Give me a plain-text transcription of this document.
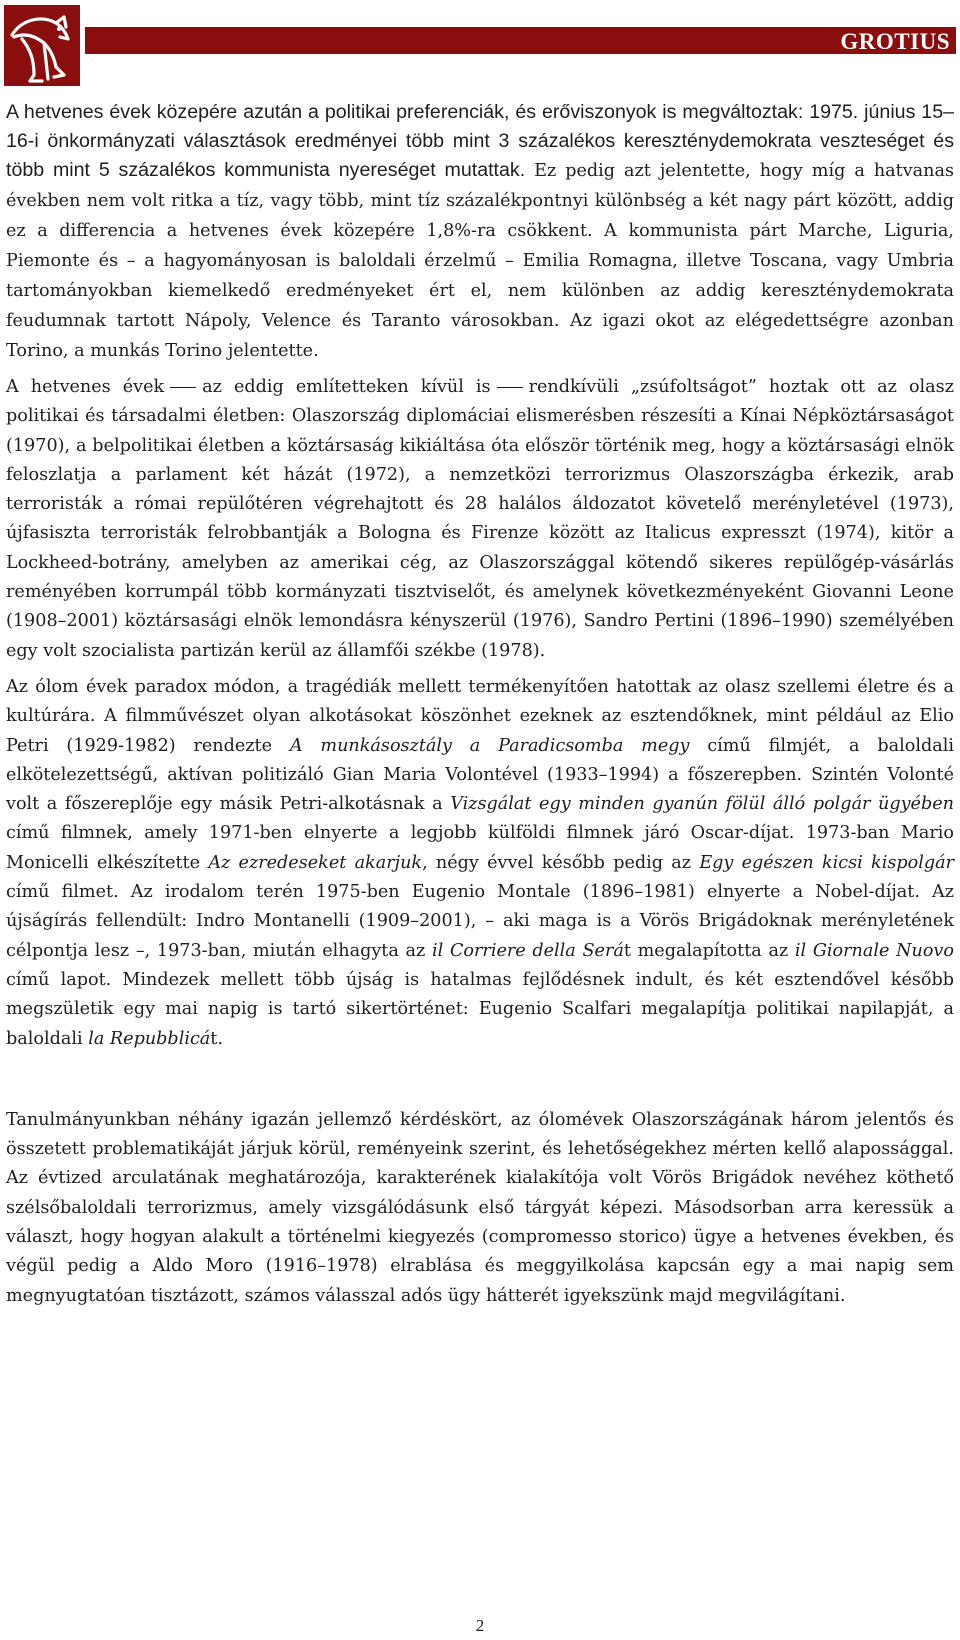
GROTIUS

A hetvenes évek közepére azután a politikai preferenciák, és erőviszonyok is megváltoztak: 1975. június 15–16-i önkormányzati választások eredményei több mint 3 százalékos kereszténydemokrata veszteséget és több mint 5 százalékos kommunista nyereséget mutattak. Ez pedig azt jelentette, hogy míg a hatvanas években nem volt ritka a tíz, vagy több, mint tíz százalékpontnyi különbség a két nagy párt között, addig ez a differencia a hetvenes évek közepére 1,8%-ra csökkent. A kommunista párt Marche, Liguria, Piemonte és – a hagyományosan is baloldali érzelmű – Emilia Romagna, illetve Toscana, vagy Umbria tartományokban kiemelkedő eredményeket ért el, nem különben az addig kereszténydemokrata feudumnak tartott Nápoly, Velence és Taranto városokban. Az igazi okot az elégedettségre azonban Torino, a munkás Torino jelentette.

A hetvenes évek az eddig említetteken kívül is rendkívüli „zsúfoltságot” hoztak ott az olasz politikai és társadalmi életben: Olaszország diplomáciai elismerésben részesíti a Kínai Népköztársaságot (1970), a belpolitikai életben a köztársaság kikiáltása óta először történik meg, hogy a köztársasági elnök feloszlatja a parlament két házát (1972), a nemzetközi terrorizmus Olaszországba érkezik, arab terroristák a római repülőtéren végrehajtott és 28 halálos áldozatot követelő merényletével (1973), újfasiszta terroristák felrobbantják a Bologna és Firenze között az Italicus expresszt (1974), kitör a Lockheed-botrány, amelyben az amerikai cég, az Olaszországgal kötendő sikeres repülőgép-vásárlás reményében korrumpál több kormányzati tisztviselőt, és amelynek következményeként Giovanni Leone (1908–2001) köztársasági elnök lemondásra kényszerül (1976), Sandro Pertini (1896–1990) személyében egy volt szocialista partizán kerül az államfői székbe (1978).

Az ólom évek paradox módon, a tragédiák mellett termékenyítően hatottak az olasz szellemi életre és a kultúrára. A filmművészet olyan alkotásokat köszönhet ezeknek az esztendőknek, mint például az Elio Petri (1929-1982) rendezte A munkásosztály a Paradicsomba megy című filmjét, a baloldali elkötelezettségű, aktívan politizáló Gian Maria Volontével (1933–1994) a főszerepben. Szintén Volonté volt a főszereplője egy másik Petri-alkotásnak a Vizsgálat egy minden gyanún fölül álló polgár ügyében című filmnek, amely 1971-ben elnyerte a legjobb külföldi filmnek járó Oscar-díjat. 1973-ban Mario Monicelli elkészítette Az ezredeseket akarjuk, négy évvel később pedig az Egy egészen kicsi kispolgár című filmet. Az irodalom terén 1975-ben Eugenio Montale (1896–1981) elnyerte a Nobel-díjat. Az újságírás fellendült: Indro Montanelli (1909–2001), – aki maga is a Vörös Brigádoknak merényletének célpontja lesz –, 1973-ban, miután elhagyta az il Corriere della Serát megalapította az il Giornale Nuovo című lapot. Mindezek mellett több újság is hatalmas fejlődésnek indult, és két esztendővel később megszületik egy mai napig is tartó sikertörténet: Eugenio Scalfari megalapítja politikai napilapját, a baloldali la Repubblicát.

Tanulmányunkban néhány igazán jellemző kérdéskört, az ólomévek Olaszországának három jelentős és összetett problematikáját járjuk körül, reményeink szerint, és lehetőségekhez mérten kellő alapossággal. Az évtized arculatának meghatározója, karakterének kialakítója volt Vörös Brigádok nevéhez köthető szélsőbaloldali terrorizmus, amely vizsgálódásunk első tárgyát képezi. Másodsorban arra keressük a választ, hogy hogyan alakult a történelmi kiegyezés (compromesso storico) ügye a hetvenes években, és végül pedig a Aldo Moro (1916–1978) elrablása és meggyilkolása kapcsán egy a mai napig sem megnyugtatóan tisztázott, számos válasszal adós ügy hátterét igyekszünk majd megvilágítani.

2
